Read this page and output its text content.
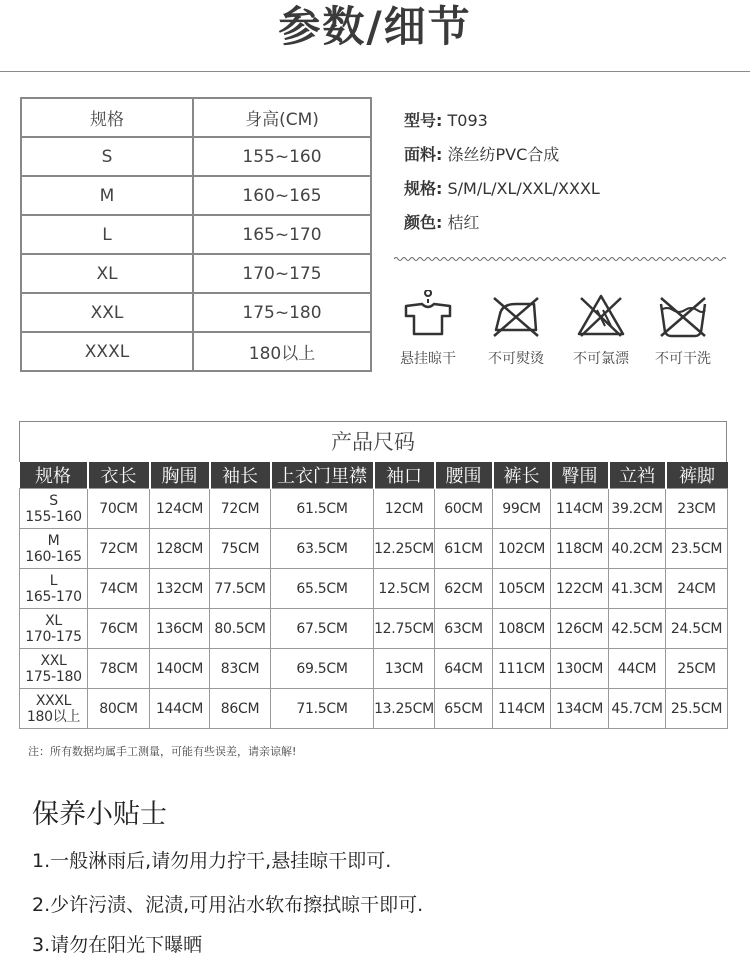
参数/细节
规格	身高(CM)
S	155~160
M	160~165
L	165~170
XL	170~175
XXL	175~180
XXXL	180以上
型号: T093
面料: 涤丝纺PVC合成
规格: S/M/L/XL/XXL/XXXL
颜色: 桔红
悬挂晾干	不可熨烫	不可氯漂	不可干洗
产品尺码
规格	衣长	胸围	袖长	上衣门里襟	袖口	腰围	裤长	臀围	立裆	裤脚

S
155-160	70CM	124CM	72CM	61.5CM	12CM	60CM	99CM	114CM	39.2CM	23CM

M
160-165	72CM	128CM	75CM	63.5CM	12.25CM	61CM	102CM	118CM	40.2CM	23.5CM

L
165-170	74CM	132CM	77.5CM	65.5CM	12.5CM	62CM	105CM	122CM	41.3CM	24CM

XL
170-175	76CM	136CM	80.5CM	67.5CM	12.75CM	63CM	108CM	126CM	42.5CM	24.5CM

XXL
175-180	78CM	140CM	83CM	69.5CM	13CM	64CM	111CM	130CM	44CM	25CM

XXXL
180以上	80CM	144CM	86CM	71.5CM	13.25CM	65CM	114CM	134CM	45.7CM	25.5CM
注：所有数据均属手工测量，可能有些误差，请亲谅解!
保养小贴士
1.一般淋雨后,请勿用力拧干,悬挂晾干即可.
2.少许污渍、泥渍,可用沾水软布擦拭晾干即可.
3.请勿在阳光下曝晒
